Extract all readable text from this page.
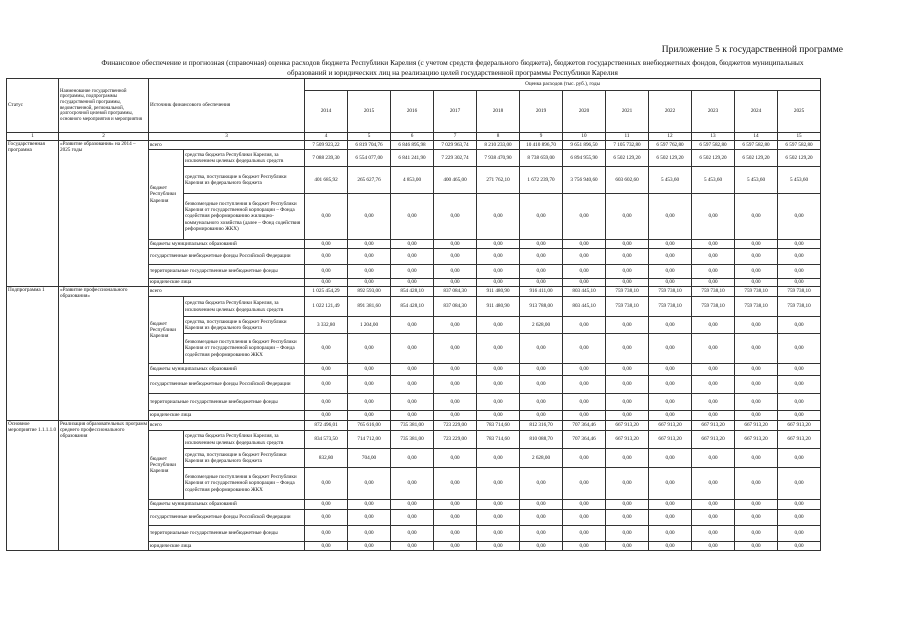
Приложение 5 к государственной программе
Финансовое обеспечение и прогнозная (справочная) оценка расходов бюджета Республики Карелия (с учетом средств федерального бюджета), бюджетов государственных внебюджетных фондов, бюджетов муниципальных
образований и юридических лиц на реализацию целей государственной программы Республики Карелия
Статус	Наименование государственной программы, подпрограммы государственной программы, ведомственной, региональной, долгосрочной целевой программы, основного мероприятия и мероприятия	Источник финансового обеспечения		Оценка расходов (тыс. руб.), годы											
				2014	2015	2016	2017	2018	2019	2020	2021	2022	2023	2024	2025
1	2	3		4	5	6	7	8	9	10	11	12	13	14	15
Государственная программа	«Развитие образования» на 2014 – 2025 годы	всего		7 509 923,22	6 819 704,76	6 846 895,98	7 029 963,74	8 210 233,00	10 410 896,70	9 651 896,50	7 105 732,80	6 597 762,80	6 597 582,80	6 597 582,80	6 597 582,80
		бюджет Республики Карелия	средства бюджета Республики Карелия, за исключением целевых федеральных средств	7 088 239,30	6 554 077,00	6 841 241,90	7 229 302,74	7 938 470,90	8 738 659,00	6 894 955,90	6 502 129,20	6 502 129,20	6 502 129,20	6 502 129,20	6 502 129,20
			средства, поступающие в бюджет Республики Карелия из федерального бюджета	401 685,92	265 627,76	4 853,00	400 465,00	271 762,10	1 672 239,70	3 756 940,60	603 602,60	5 453,60	5 453,60	5 453,60	5 453,60
			безвозмездные поступления в бюджет Республики Карелия от государственной корпорации – Фонда содействия реформированию жилищно-коммунального хозяйства (далее – Фонд содействия реформированию ЖКХ)	0,00	0,00	0,00	0,00	0,00	0,00	0,00	0,00	0,00	0,00	0,00	0,00
		бюджеты муниципальных образований		0,00	0,00	0,00	0,00	0,00	0,00	0,00	0,00	0,00	0,00	0,00	0,00
		государственные внебюджетные фонды Российской Федерации		0,00	0,00	0,00	0,00	0,00	0,00	0,00	0,00	0,00	0,00	0,00	0,00
		территориальные государственные внебюджетные фонды		0,00	0,00	0,00	0,00	0,00	0,00	0,00	0,00	0,00	0,00	0,00	0,00
		юридические лица		0,00	0,00	0,00	0,00	0,00	0,00	0,00	0,00	0,00	0,00	0,00	0,00
Подпрограмма 1	«Развитие профессионального образования»	всего		1 025 454,29	892 593,00	854 428,10	837 084,30	911 480,90	916 411,00	803 445,10	759 738,10	759 738,10	759 738,10	759 738,10	759 738,10
		бюджет Республики Карелия	средства бюджета Республики Карелия, за исключением целевых федеральных средств	1 022 121,49	891 381,60	854 428,10	837 084,30	911 480,90	913 788,00	803 445,10	759 738,10	759 738,10	759 738,10	759 738,10	759 738,10
			средства, поступающие в бюджет Республики Карелия из федерального бюджета	3 332,80	1 204,00	0,00	0,00	0,00	2 628,00	0,00	0,00	0,00	0,00	0,00	0,00
			безвозмездные поступления в бюджет Республики Карелия от государственной корпорации – Фонда содействия реформированию ЖКХ	0,00	0,00	0,00	0,00	0,00	0,00	0,00	0,00	0,00	0,00	0,00	0,00
		бюджеты муниципальных образований		0,00	0,00	0,00	0,00	0,00	0,00	0,00	0,00	0,00	0,00	0,00	0,00
		государственные внебюджетные фонды Российской Федерации		0,00	0,00	0,00	0,00	0,00	0,00	0,00	0,00	0,00	0,00	0,00	0,00
		территориальные государственные внебюджетные фонды		0,00	0,00	0,00	0,00	0,00	0,00	0,00	0,00	0,00	0,00	0,00	0,00
		юридические лица		0,00	0,00	0,00	0,00	0,00	0,00	0,00	0,00	0,00	0,00	0,00	0,00
Основное мероприятие 1.1.1.1.0	Реализация образовательных программ среднего профессионального образования	всего		872 496,01	765 616,00	735 381,00	723 229,00	783 714,60	812 316,70	707 364,46	667 913,20	667 913,20	667 913,20	667 913,20	667 913,20
		бюджет Республики Карелия	средства бюджета Республики Карелия, за исключением целевых федеральных средств	834 573,50	714 712,00	735 381,00	723 229,00	783 714,60	810 088,70	707 364,46	667 913,20	667 913,20	667 913,20	667 913,20	667 913,20
			средства, поступающие в бюджет Республики Карелия из федерального бюджета	832,80	704,00	0,00	0,00	0,00	2 628,00	0,00	0,00	0,00	0,00	0,00	0,00
			безвозмездные поступления в бюджет Республики Карелия от государственной корпорации – Фонда содействия реформированию ЖКХ	0,00	0,00	0,00	0,00	0,00	0,00	0,00	0,00	0,00	0,00	0,00	0,00
		бюджеты муниципальных образований		0,00	0,00	0,00	0,00	0,00	0,00	0,00	0,00	0,00	0,00	0,00	0,00
		государственные внебюджетные фонды Российской Федерации		0,00	0,00	0,00	0,00	0,00	0,00	0,00	0,00	0,00	0,00	0,00	0,00
		территориальные государственные внебюджетные фонды		0,00	0,00	0,00	0,00	0,00	0,00	0,00	0,00	0,00	0,00	0,00	0,00
		юридические лица		0,00	0,00	0,00	0,00	0,00	0,00	0,00	0,00	0,00	0,00	0,00	0,00
